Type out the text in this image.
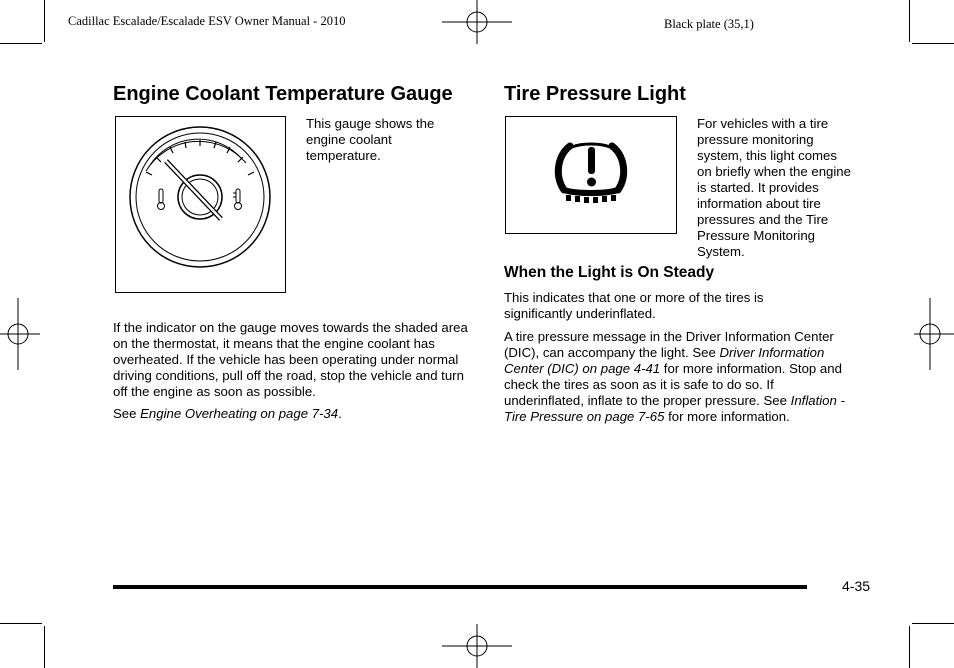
Cadillac Escalade/Escalade ESV Owner Manual - 2010	Black plate (35,1)
Engine Coolant Temperature Gauge

This gauge shows the
engine coolant
temperature.

If the indicator on the gauge moves towards the shaded area on the thermostat, it means that the engine coolant has overheated. If the vehicle has been operating under normal driving conditions, pull off the road, stop the vehicle and turn off the engine as soon as possible.

See Engine Overheating on page 7-34.

Tire Pressure Light

For vehicles with a tire
pressure monitoring
system, this light comes
on briefly when the engine
is started. It provides
information about tire
pressures and the Tire
Pressure Monitoring
System.

When the Light is On Steady

This indicates that one or more of the tires is significantly underinflated.

A tire pressure message in the Driver Information Center (DIC), can accompany the light. See Driver Information Center (DIC) on page 4-41 for more information. Stop and check the tires as soon as it is safe to do so. If underinflated, inflate to the proper pressure. See Inflation - Tire Pressure on page 7-65 for more information.

4-35
